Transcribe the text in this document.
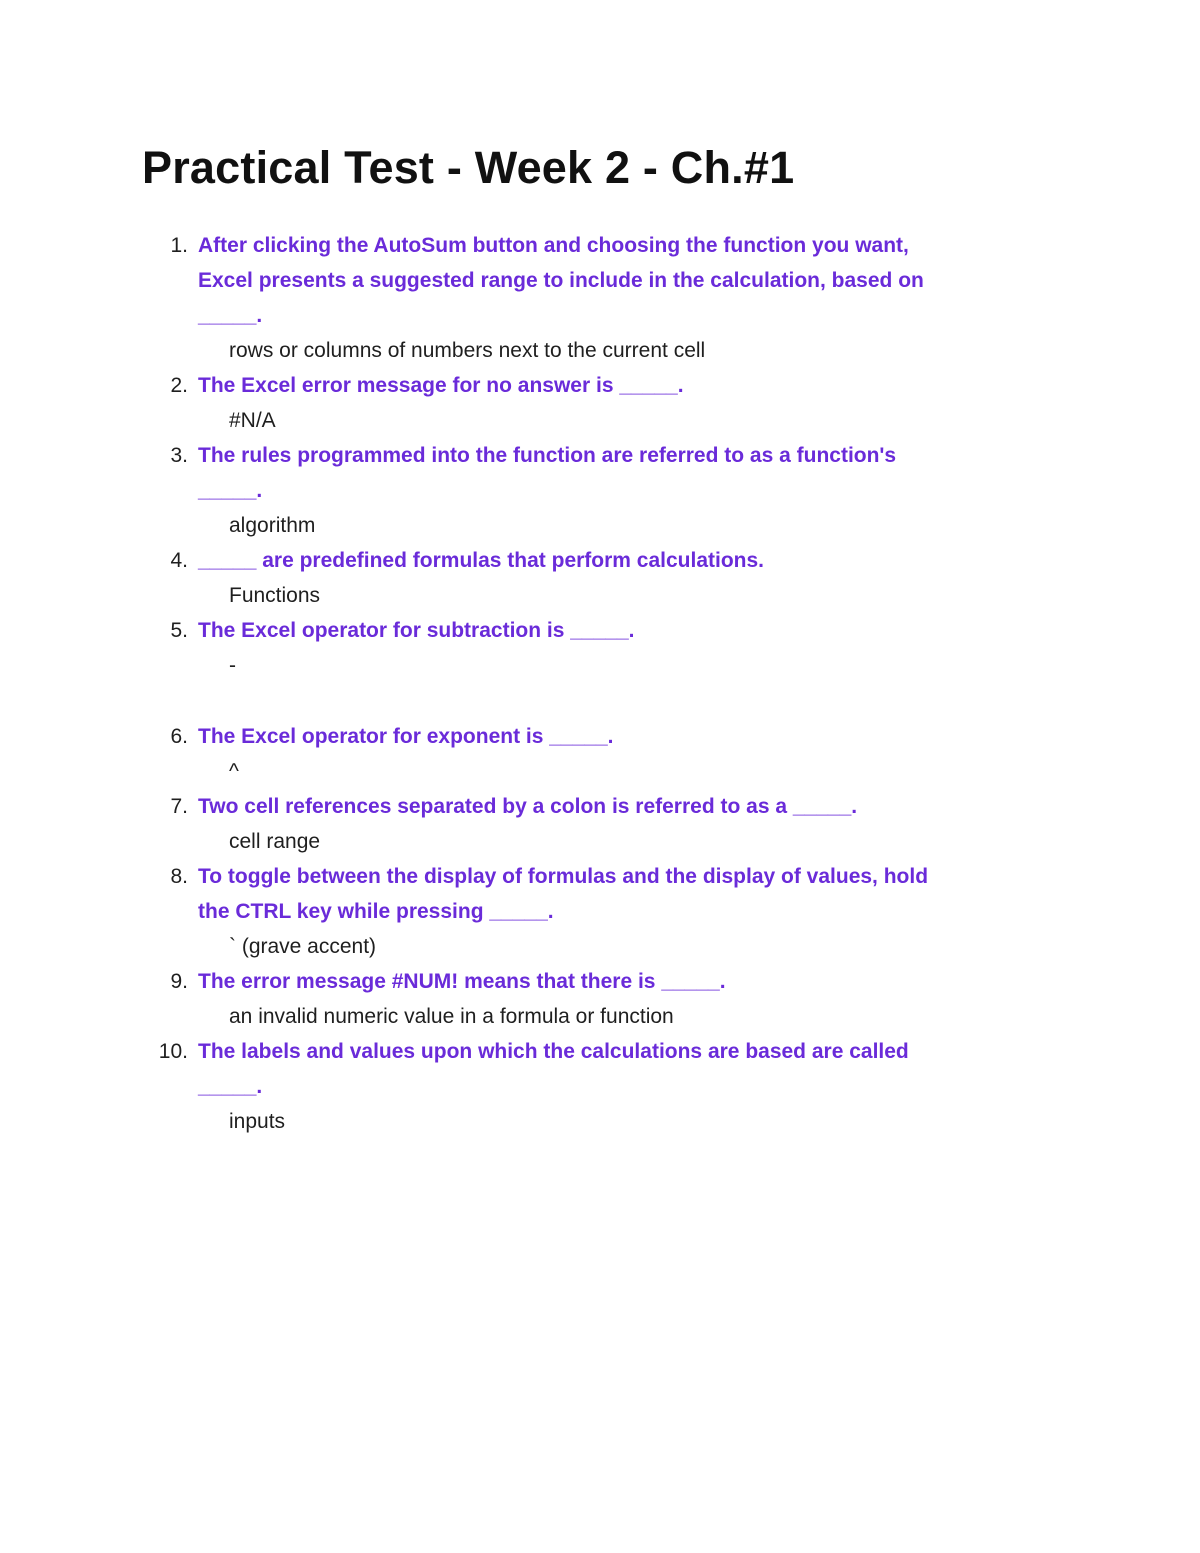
Practical Test - Week 2 - Ch.#1
1. After clicking the AutoSum button and choosing the function you want,
Excel presents a suggested range to include in the calculation, based on
_____.
rows or columns of numbers next to the current cell
2. The Excel error message for no answer is _____.
#N/A
3. The rules programmed into the function are referred to as a function's
_____.
algorithm
4. _____ are predefined formulas that perform calculations.
Functions
5. The Excel operator for subtraction is _____.
-
6. The Excel operator for exponent is _____.
^
7. Two cell references separated by a colon is referred to as a _____.
cell range
8. To toggle between the display of formulas and the display of values, hold
the CTRL key while pressing _____.
` (grave accent)
9. The error message #NUM! means that there is _____.
an invalid numeric value in a formula or function
10. The labels and values upon which the calculations are based are called
_____.
inputs
